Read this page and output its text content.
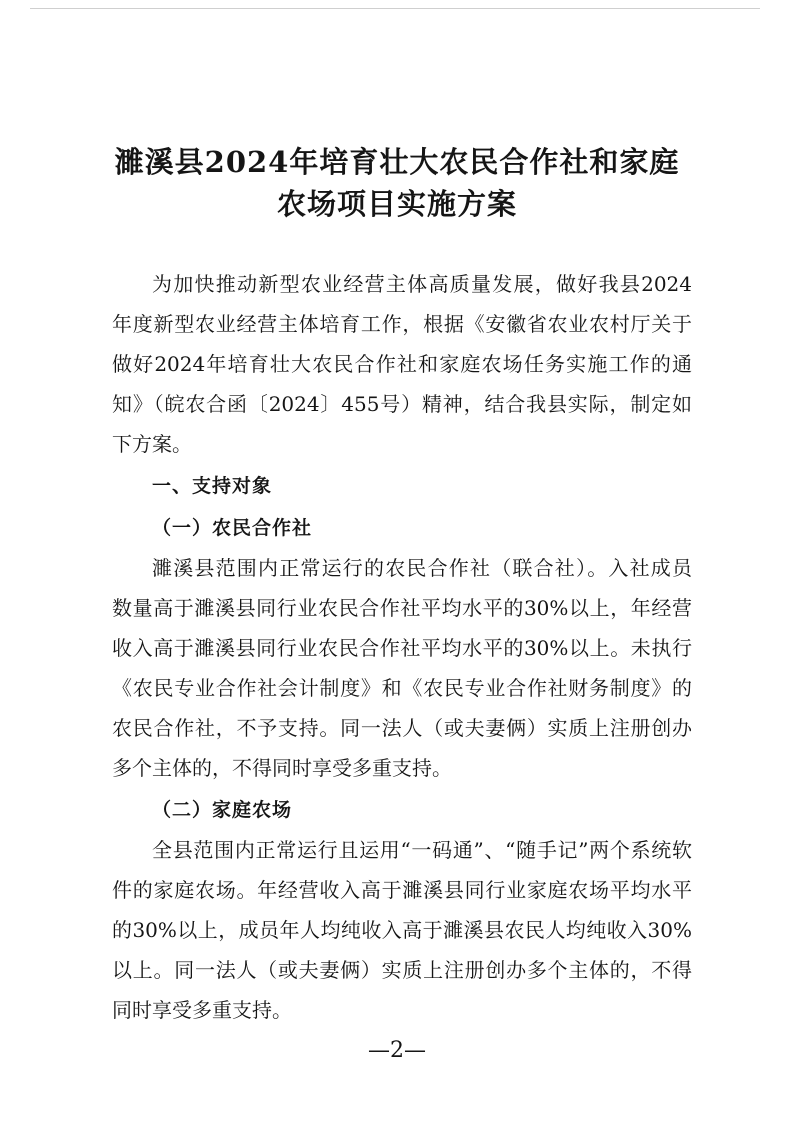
濉溪县2024年培育壮大农民合作社和家庭
农场项目实施方案
为加快推动新型农业经营主体高质量发展，做好我县2024
年度新型农业经营主体培育工作，根据《安徽省农业农村厅关于
做好2024年培育壮大农民合作社和家庭农场任务实施工作的通
知》（皖农合函〔2024〕455号）精神，结合我县实际，制定如
下方案。
一、支持对象
（一）农民合作社
濉溪县范围内正常运行的农民合作社（联合社）。入社成员
数量高于濉溪县同行业农民合作社平均水平的30%以上，年经营
收入高于濉溪县同行业农民合作社平均水平的30%以上。未执行
《农民专业合作社会计制度》和《农民专业合作社财务制度》的
农民合作社，不予支持。同一法人（或夫妻俩）实质上注册创办
多个主体的，不得同时享受多重支持。
（二）家庭农场
全县范围内正常运行且运用“一码通”、“随手记”两个系统软
件的家庭农场。年经营收入高于濉溪县同行业家庭农场平均水平
的30%以上，成员年人均纯收入高于濉溪县农民人均纯收入30%
以上。同一法人（或夫妻俩）实质上注册创办多个主体的，不得
同时享受多重支持。
—2—
